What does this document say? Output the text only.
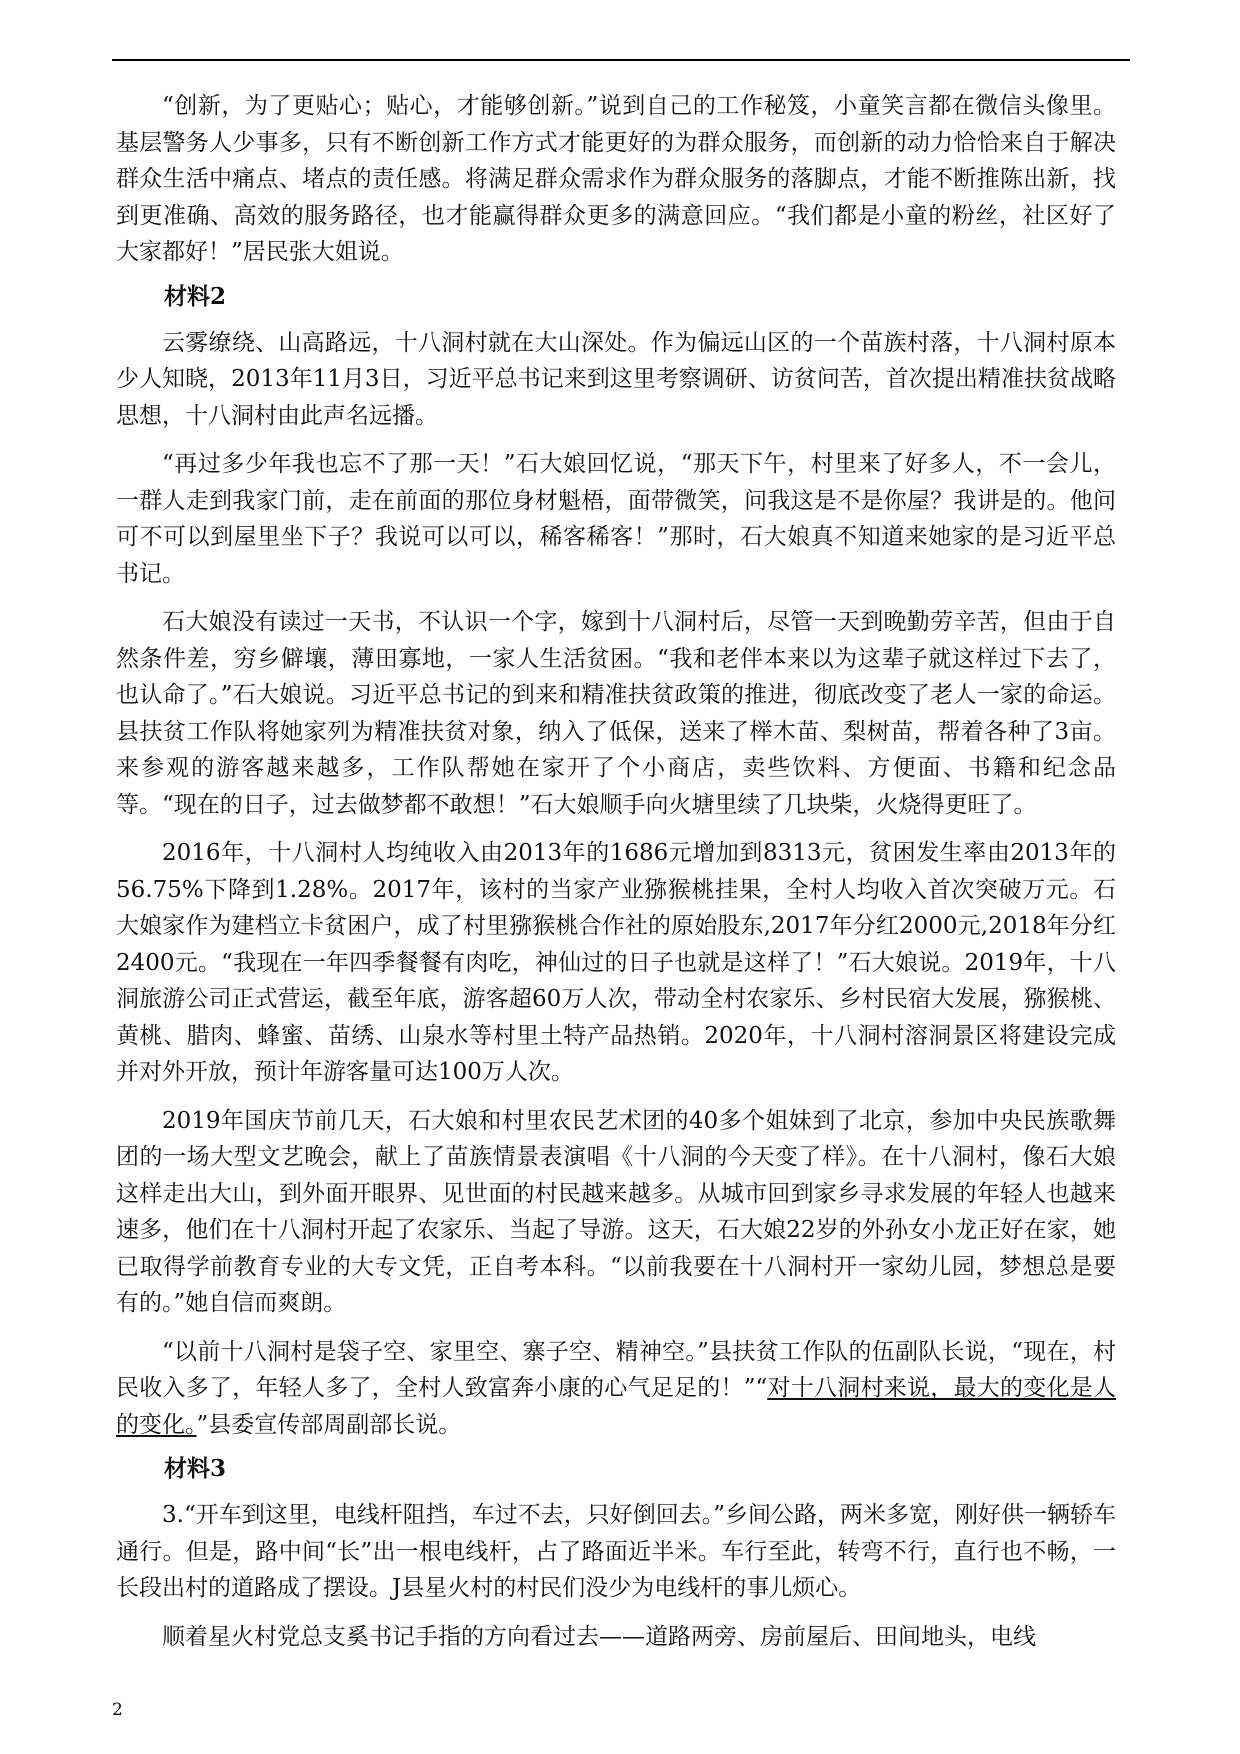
“创新，为了更贴心；贴心，才能够创新。”说到自己的工作秘笈，小童笑言都在微信头像里。基层警务人少事多，只有不断创新工作方式才能更好的为群众服务，而创新的动力恰恰来自于解决群众生活中痛点、堵点的责任感。将满足群众需求作为群众服务的落脚点，才能不断推陈出新，找到更准确、高效的服务路径，也才能赢得群众更多的满意回应。“我们都是小童的粉丝，社区好了大家都好！”居民张大姐说。

材料2

云雾缭绕、山高路远，十八洞村就在大山深处。作为偏远山区的一个苗族村落，十八洞村原本少人知晓，2013年11月3日，习近平总书记来到这里考察调研、访贫问苦，首次提出精准扶贫战略思想，十八洞村由此声名远播。

“再过多少年我也忘不了那一天！”石大娘回忆说，“那天下午，村里来了好多人，不一会儿，一群人走到我家门前，走在前面的那位身材魁梧，面带微笑，问我这是不是你屋？我讲是的。他问可不可以到屋里坐下子？我说可以可以，稀客稀客！”那时，石大娘真不知道来她家的是习近平总书记。

石大娘没有读过一天书，不认识一个字，嫁到十八洞村后，尽管一天到晚勤劳辛苦，但由于自然条件差，穷乡僻壤，薄田寡地，一家人生活贫困。“我和老伴本来以为这辈子就这样过下去了，也认命了。”石大娘说。习近平总书记的到来和精准扶贫政策的推进，彻底改变了老人一家的命运。县扶贫工作队将她家列为精准扶贫对象，纳入了低保，送来了榉木苗、梨树苗，帮着各种了3亩。来参观的游客越来越多，工作队帮她在家开了个小商店，卖些饮料、方便面、书籍和纪念品等。“现在的日子，过去做梦都不敢想！”石大娘顺手向火塘里续了几块柴，火烧得更旺了。

2016年，十八洞村人均纯收入由2013年的1686元增加到8313元，贫困发生率由2013年的56.75%下降到1.28%。2017年，该村的当家产业猕猴桃挂果，全村人均收入首次突破万元。石大娘家作为建档立卡贫困户，成了村里猕猴桃合作社的原始股东,2017年分红2000元,2018年分红2400元。“我现在一年四季餐餐有肉吃，神仙过的日子也就是这样了！”石大娘说。2019年，十八洞旅游公司正式营运，截至年底，游客超60万人次，带动全村农家乐、乡村民宿大发展，猕猴桃、黄桃、腊肉、蜂蜜、苗绣、山泉水等村里土特产品热销。2020年，十八洞村溶洞景区将建设完成并对外开放，预计年游客量可达100万人次。

2019年国庆节前几天，石大娘和村里农民艺术团的40多个姐妹到了北京，参加中央民族歌舞团的一场大型文艺晚会，献上了苗族情景表演唱《十八洞的今天变了样》。在十八洞村，像石大娘这样走出大山，到外面开眼界、见世面的村民越来越多。从城市回到家乡寻求发展的年轻人也越来速多，他们在十八洞村开起了农家乐、当起了导游。这天，石大娘22岁的外孙女小龙正好在家，她已取得学前教育专业的大专文凭，正自考本科。“以前我要在十八洞村开一家幼儿园，梦想总是要有的。”她自信而爽朗。

“以前十八洞村是袋子空、家里空、寨子空、精神空。”县扶贫工作队的伍副队长说，“现在，村民收入多了，年轻人多了，全村人致富奔小康的心气足足的！”“对十八洞村来说，最大的变化是人的变化。”县委宣传部周副部长说。

材料3

3.“开车到这里，电线杆阻挡，车过不去，只好倒回去。”乡间公路，两米多宽，刚好供一辆轿车通行。但是，路中间“长”出一根电线杆，占了路面近半米。车行至此，转弯不行，直行也不畅，一长段出村的道路成了摆设。J县星火村的村民们没少为电线杆的事儿烦心。

顺着星火村党总支奚书记手指的方向看过去——道路两旁、房前屋后、田间地头，电线

2
